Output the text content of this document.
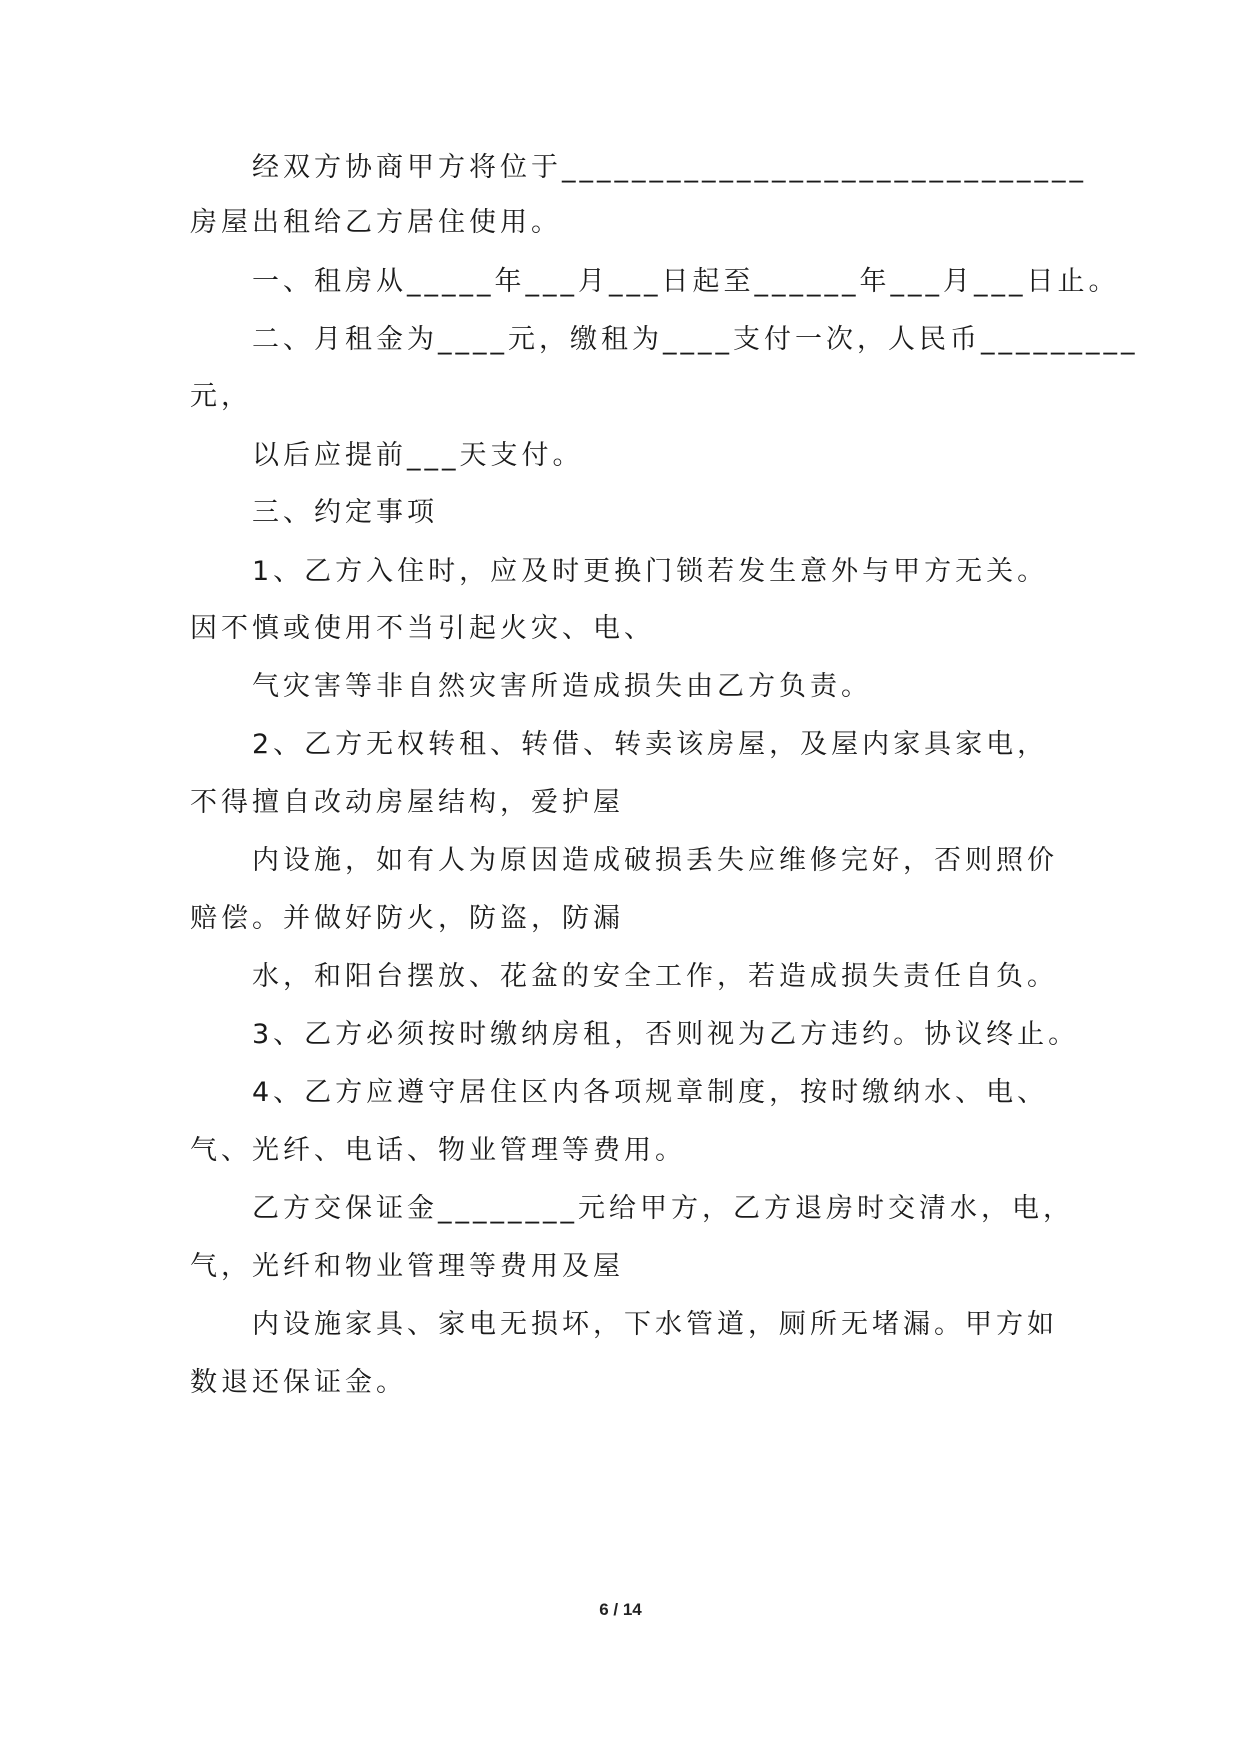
经双方协商甲方将位于______________________________
房屋出租给乙方居住使用。
一、租房从_____年___月___日起至______年___月___日止。
二、月租金为____元，缴租为____支付一次，人民币_________
元，
以后应提前___天支付。
三、约定事项
1、乙方入住时，应及时更换门锁若发生意外与甲方无关。
因不慎或使用不当引起火灾、电、
气灾害等非自然灾害所造成损失由乙方负责。
2、乙方无权转租、转借、转卖该房屋，及屋内家具家电，
不得擅自改动房屋结构，爱护屋
内设施，如有人为原因造成破损丢失应维修完好，否则照价
赔偿。并做好防火，防盗，防漏
水，和阳台摆放、花盆的安全工作，若造成损失责任自负。
3、乙方必须按时缴纳房租，否则视为乙方违约。协议终止。
4、乙方应遵守居住区内各项规章制度，按时缴纳水、电、
气、光纤、电话、物业管理等费用。
乙方交保证金________元给甲方，乙方退房时交清水，电，
气，光纤和物业管理等费用及屋
内设施家具、家电无损坏，下水管道，厕所无堵漏。甲方如
数退还保证金。
6 / 14
